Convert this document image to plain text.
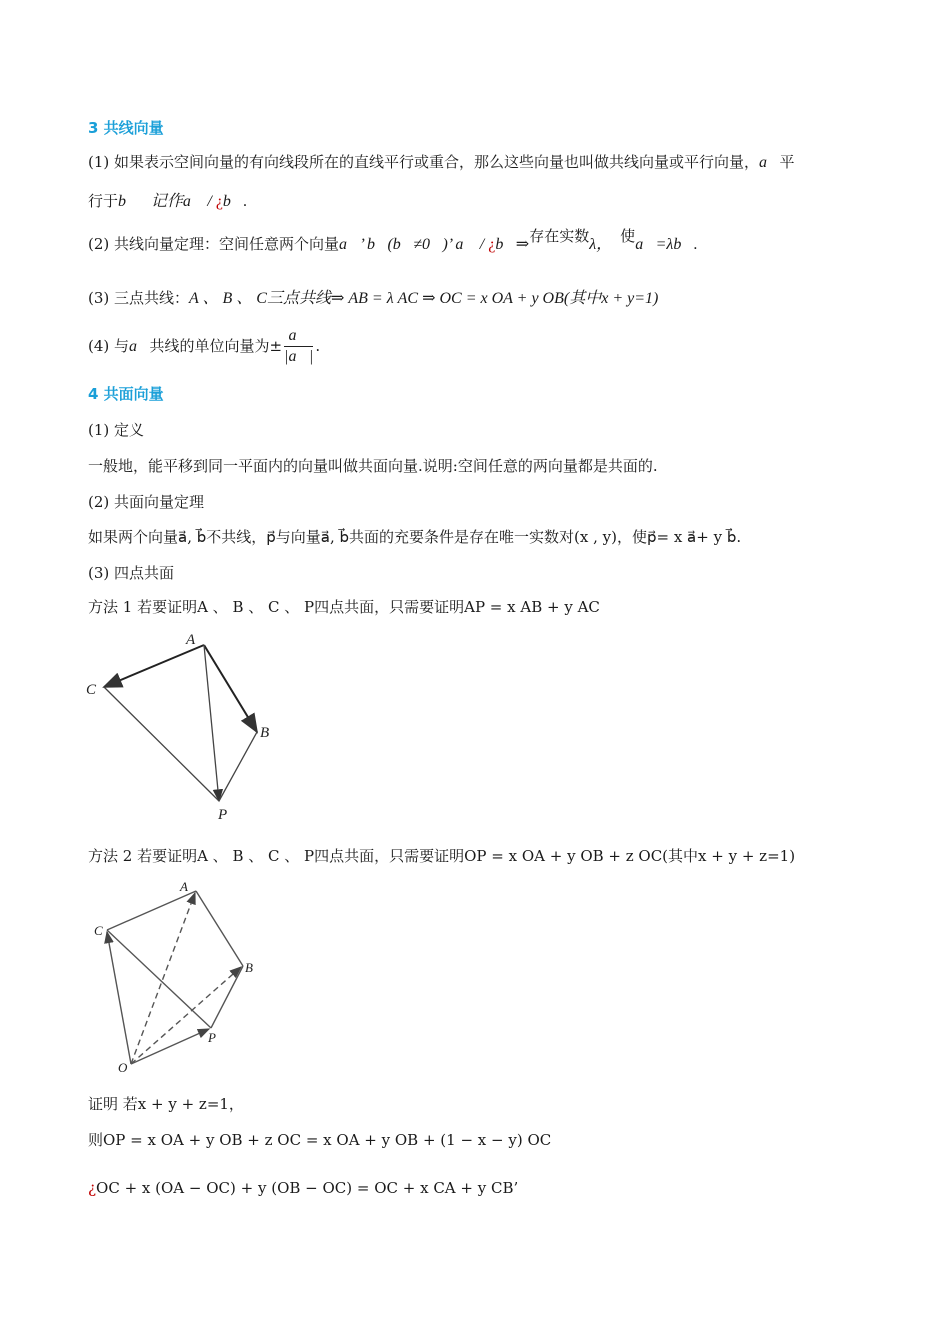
3 共线向量
(1) 如果表示空间向量的有向线段所在的直线平行或重合，那么这些向量也叫做共线向量或平行向量，a⃗平
行于b⃗，记作a⃗ / ¿b⃗.
(2) 共线向量定理：空间任意两个向量a⃗’ b⃗(b⃗≠0⃗)’ a⃗ / ¿b⃗⇒存在实数λ， 使a⃗=λb⃗.
(3) 三点共线：A 、 B 、 C三点共线⇒ AB = λ AC ⇒ OC = x OA + y OB(其中x + y=1)
(4) 与a⃗共线的单位向量为± $\frac{a⃗}{|a⃗|}$ .
4 共面向量
(1) 定义
一般地，能平移到同一平面内的向量叫做共面向量.说明:空间任意的两向量都是共面的.
(2) 共面向量定理
如果两个向量a⃗, b⃗不共线，p⃗与向量a⃗, b⃗共面的充要条件是存在唯一实数对(x , y)，使p⃗= x a⃗+ y b⃗.
(3) 四点共面
方法 1 若要证明A 、 B 、 C 、 P四点共面，只需要证明AP = x AB + y AC
A
B
C
P
方法 2 若要证明A 、 B 、 C 、 P四点共面，只需要证明OP = x OA + y OB + z OC(其中x + y + z=1)
A
B
C
P
O
证明 若x + y + z=1，
则OP = x OA + y OB + z OC = x OA + y OB + (1 − x − y) OC
¿OC + x (OA − OC) + y (OB − OC) = OC + x CA + y CB’
